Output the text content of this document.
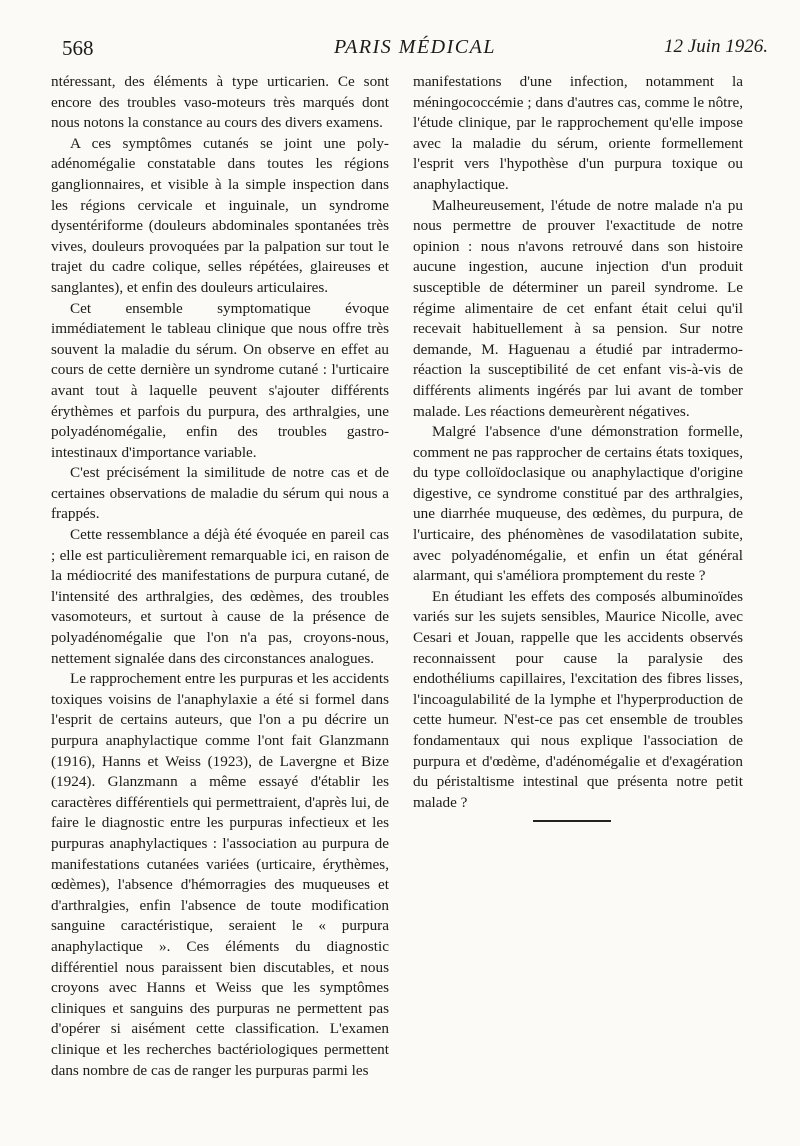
568	PARIS MÉDICAL	12 Juin 1926.

ntéressant, des éléments à type urticarien. Ce sont encore des troubles vaso-moteurs très marqués dont nous notons la constance au cours des divers examens.

A ces symptômes cutanés se joint une poly-adénomégalie constatable dans toutes les régions ganglionnaires, et visible à la simple inspection dans les régions cervicale et inguinale, un syndrome dysentériforme (douleurs abdominales spontanées très vives, douleurs provoquées par la palpation sur tout le trajet du cadre colique, selles répétées, glaireuses et sanglantes), et enfin des douleurs articulaires.

Cet ensemble symptomatique évoque immédiatement le tableau clinique que nous offre très souvent la maladie du sérum. On observe en effet au cours de cette dernière un syndrome cutané : l'urticaire avant tout à laquelle peuvent s'ajouter différents érythèmes et parfois du purpura, des arthralgies, une polyadénomégalie, enfin des troubles gastro-intestinaux d'importance variable.

C'est précisément la similitude de notre cas et de certaines observations de maladie du sérum qui nous a frappés.

Cette ressemblance a déjà été évoquée en pareil cas ; elle est particulièrement remarquable ici, en raison de la médiocrité des manifestations de purpura cutané, de l'intensité des arthralgies, des œdèmes, des troubles vasomoteurs, et surtout à cause de la présence de polyadénomégalie que l'on n'a pas, croyons-nous, nettement signalée dans des circonstances analogues.

Le rapprochement entre les purpuras et les accidents toxiques voisins de l'anaphylaxie a été si formel dans l'esprit de certains auteurs, que l'on a pu décrire un purpura anaphylactique comme l'ont fait Glanzmann (1916), Hanns et Weiss (1923), de Lavergne et Bize (1924). Glanzmann a même essayé d'établir les caractères différentiels qui permettraient, d'après lui, de faire le diagnostic entre les purpuras infectieux et les purpuras anaphylactiques : l'association au purpura de manifestations cutanées variées (urticaire, érythèmes, œdèmes), l'absence d'hémorragies des muqueuses et d'arthralgies, enfin l'absence de toute modification sanguine caractéristique, seraient le « purpura anaphylactique ». Ces éléments du diagnostic différentiel nous paraissent bien discutables, et nous croyons avec Hanns et Weiss que les symptômes cliniques et sanguins des purpuras ne permettent pas d'opérer si aisément cette classification. L'examen clinique et les recherches bactériologiques permettent dans nombre de cas de ranger les purpuras parmi les

manifestations d'une infection, notamment la méningococcémie ; dans d'autres cas, comme le nôtre, l'étude clinique, par le rapprochement qu'elle impose avec la maladie du sérum, oriente formellement l'esprit vers l'hypothèse d'un purpura toxique ou anaphylactique.

Malheureusement, l'étude de notre malade n'a pu nous permettre de prouver l'exactitude de notre opinion : nous n'avons retrouvé dans son histoire aucune ingestion, aucune injection d'un produit susceptible de déterminer un pareil syndrome. Le régime alimentaire de cet enfant était celui qu'il recevait habituellement à sa pension. Sur notre demande, M. Haguenau a étudié par intradermo-réaction la susceptibilité de cet enfant vis-à-vis de différents aliments ingérés par lui avant de tomber malade. Les réactions demeurèrent négatives.

Malgré l'absence d'une démonstration formelle, comment ne pas rapprocher de certains états toxiques, du type colloïdoclasique ou anaphylactique d'origine digestive, ce syndrome constitué par des arthralgies, une diarrhée muqueuse, des œdèmes, du purpura, de l'urticaire, des phénomènes de vasodilatation subite, avec polyadénomégalie, et enfin un état général alarmant, qui s'améliora promptement du reste ?

En étudiant les effets des composés albuminoïdes variés sur les sujets sensibles, Maurice Nicolle, avec Cesari et Jouan, rappelle que les accidents observés reconnaissent pour cause la paralysie des endothéliums capillaires, l'excitation des fibres lisses, l'incoagulabilité de la lymphe et l'hyperproduction de cette humeur. N'est-ce pas cet ensemble de troubles fondamentaux qui nous explique l'association de purpura et d'œdème, d'adénomégalie et d'exagération du péristaltisme intestinal que présenta notre petit malade ?
